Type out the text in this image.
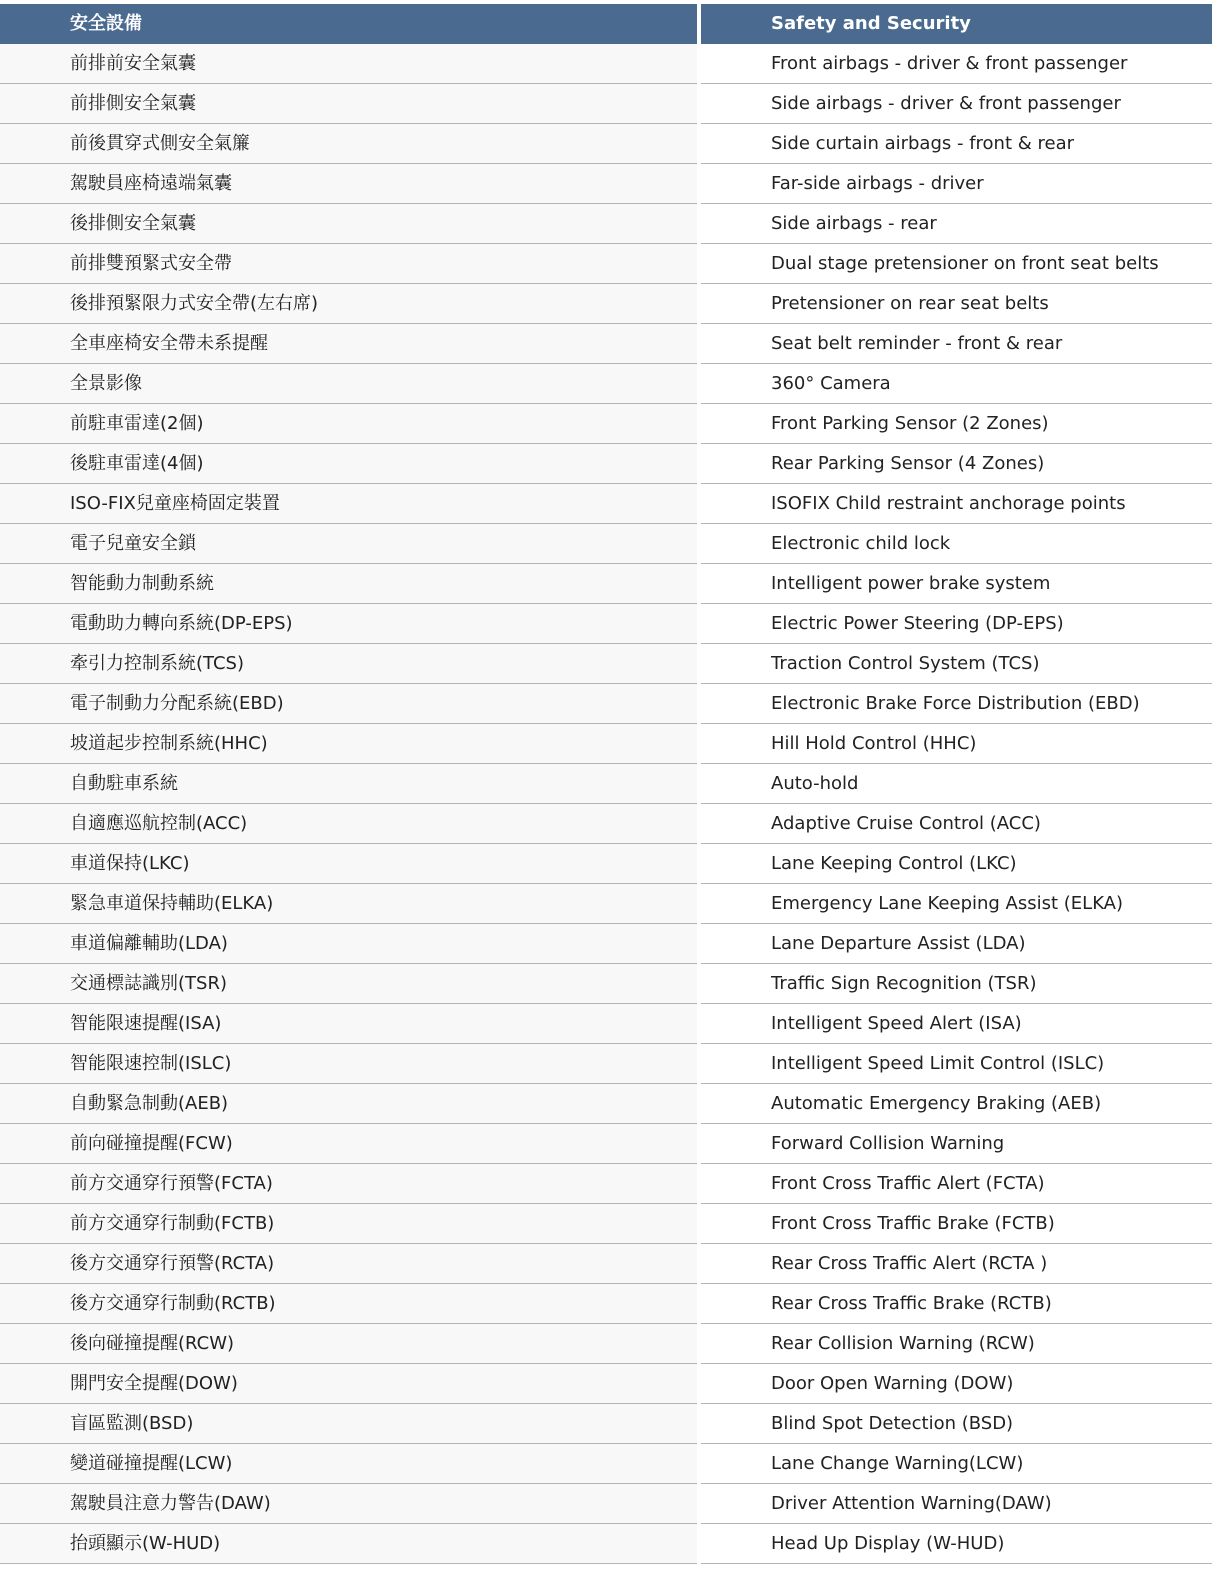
安全設備	Safety and Security
前排前安全氣囊	Front airbags - driver & front passenger
前排側安全氣囊	Side airbags - driver & front passenger
前後貫穿式側安全氣簾	Side curtain airbags - front & rear
駕駛員座椅遠端氣囊	Far-side airbags - driver
後排側安全氣囊	Side airbags - rear
前排雙預緊式安全帶	Dual stage pretensioner on front seat belts
後排預緊限力式安全帶(左右席)	Pretensioner on rear seat belts
全車座椅安全帶未系提醒	Seat belt reminder - front & rear
全景影像	360° Camera
前駐車雷達(2個)	Front Parking Sensor (2 Zones)
後駐車雷達(4個)	Rear Parking Sensor (4 Zones)
ISO-FIX兒童座椅固定裝置	ISOFIX Child restraint anchorage points
電子兒童安全鎖	Electronic child lock
智能動力制動系統	Intelligent power brake system
電動助力轉向系統(DP-EPS)	Electric Power Steering (DP-EPS)
牽引力控制系統(TCS)	Traction Control System (TCS)
電子制動力分配系統(EBD)	Electronic Brake Force Distribution (EBD)
坡道起步控制系統(HHC)	Hill Hold Control (HHC)
自動駐車系統	Auto-hold
自適應巡航控制(ACC)	Adaptive Cruise Control (ACC)
車道保持(LKC)	Lane Keeping Control (LKC)
緊急車道保持輔助(ELKA)	Emergency Lane Keeping Assist (ELKA)
車道偏離輔助(LDA)	Lane Departure Assist (LDA)
交通標誌識別(TSR)	Traffic Sign Recognition (TSR)
智能限速提醒(ISA)	Intelligent Speed Alert (ISA)
智能限速控制(ISLC)	Intelligent Speed Limit Control (ISLC)
自動緊急制動(AEB)	Automatic Emergency Braking (AEB)
前向碰撞提醒(FCW)	Forward Collision Warning
前方交通穿行預警(FCTA)	Front Cross Traffic Alert (FCTA)
前方交通穿行制動(FCTB)	Front Cross Traffic Brake (FCTB)
後方交通穿行預警(RCTA)	Rear Cross Traffic Alert (RCTA )
後方交通穿行制動(RCTB)	Rear Cross Traffic Brake (RCTB)
後向碰撞提醒(RCW)	Rear Collision Warning (RCW)
開門安全提醒(DOW)	Door Open Warning (DOW)
盲區監測(BSD)	Blind Spot Detection (BSD)
變道碰撞提醒(LCW)	Lane Change Warning(LCW)
駕駛員注意力警告(DAW)	Driver Attention Warning(DAW)
抬頭顯示(W-HUD)	Head Up Display (W-HUD)
